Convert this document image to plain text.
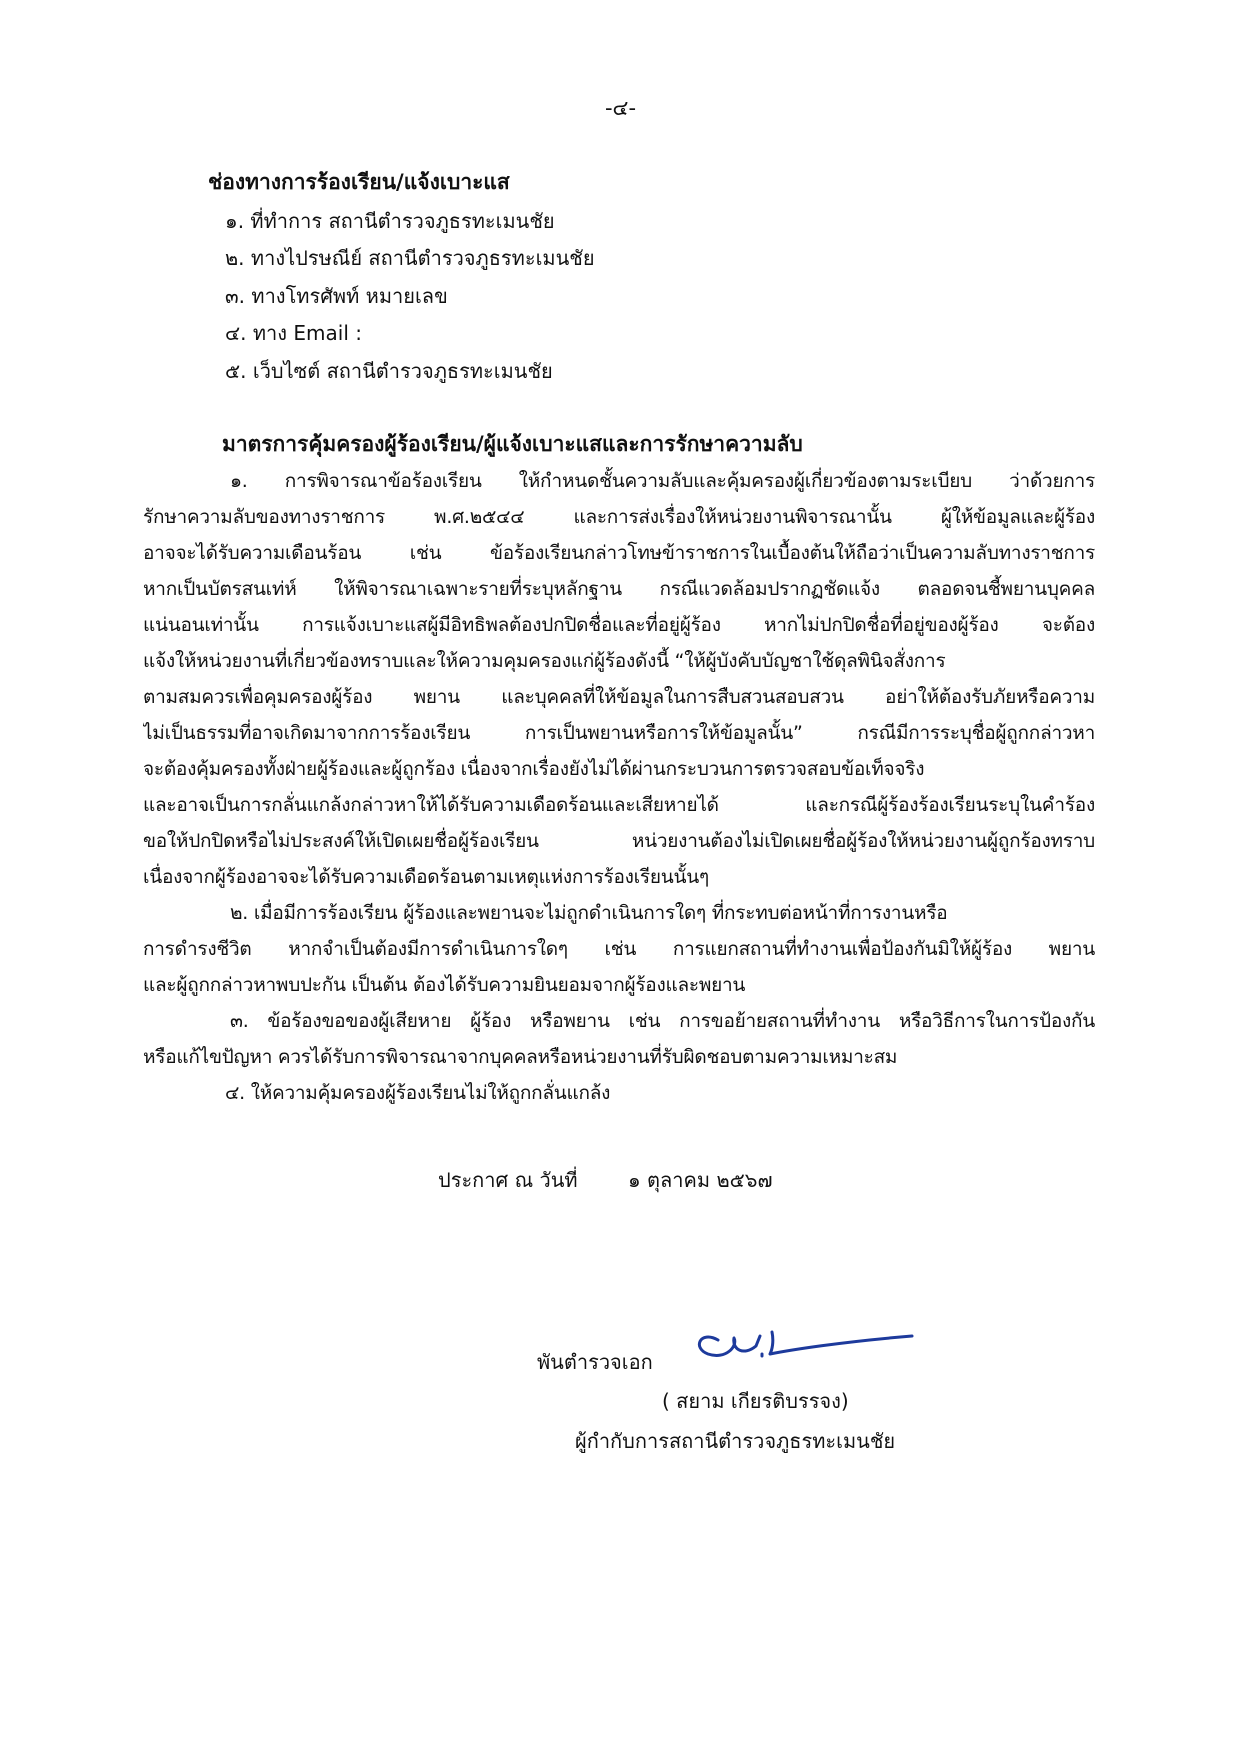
-๔-
ช่องทางการร้องเรียน/แจ้งเบาะแส
๑. ที่ทำการ สถานีตำรวจภูธรทะเมนชัย
๒. ทางไปรษณีย์ สถานีตำรวจภูธรทะเมนชัย
๓. ทางโทรศัพท์ หมายเลข
๔. ทาง Email :
๕. เว็บไซต์ สถานีตำรวจภูธรทะเมนชัย
มาตรการคุ้มครองผู้ร้องเรียน/ผู้แจ้งเบาะแสและการรักษาความลับ
๑. การพิจารณาข้อร้องเรียน ให้กำหนดชั้นความลับและคุ้มครองผู้เกี่ยวข้องตามระเบียบ ว่าด้วยการ
รักษาความลับของทางราชการ พ.ศ.๒๕๔๔ และการส่งเรื่องให้หน่วยงานพิจารณานั้น ผู้ให้ข้อมูลและผู้ร้อง
อาจจะได้รับความเดือนร้อน เช่น ข้อร้องเรียนกล่าวโทษข้าราชการในเบื้องต้นให้ถือว่าเป็นความลับทางราชการ
หากเป็นบัตรสนเท่ห์ ให้พิจารณาเฉพาะรายที่ระบุหลักฐาน กรณีแวดล้อมปรากฏชัดแจ้ง ตลอดจนชี้พยานบุคคล
แน่นอนเท่านั้น การแจ้งเบาะแสผู้มีอิทธิพลต้องปกปิดชื่อและที่อยู่ผู้ร้อง หากไม่ปกปิดชื่อที่อยู่ของผู้ร้อง จะต้อง
แจ้งให้หน่วยงานที่เกี่ยวข้องทราบและให้ความคุมครองแก่ผู้ร้องดังนี้ “ให้ผู้บังคับบัญชาใช้ดุลพินิจสั่งการ
ตามสมควรเพื่อคุมครองผู้ร้อง พยาน และบุคคลที่ให้ข้อมูลในการสืบสวนสอบสวน อย่าให้ต้องรับภัยหรือความ
ไม่เป็นธรรมที่อาจเกิดมาจากการร้องเรียน การเป็นพยานหรือการให้ข้อมูลนั้น” กรณีมีการระบุชื่อผู้ถูกกล่าวหา
จะต้องคุ้มครองทั้งฝ่ายผู้ร้องและผู้ถูกร้อง เนื่องจากเรื่องยังไม่ได้ผ่านกระบวนการตรวจสอบข้อเท็จจริง
และอาจเป็นการกลั่นแกล้งกล่าวหาให้ได้รับความเดือดร้อนและเสียหายได้ และกรณีผู้ร้องร้องเรียนระบุในคำร้อง
ขอให้ปกปิดหรือไม่ประสงค์ให้เปิดเผยชื่อผู้ร้องเรียน หน่วยงานต้องไม่เปิดเผยชื่อผู้ร้องให้หน่วยงานผู้ถูกร้องทราบ
เนื่องจากผู้ร้องอาจจะได้รับความเดือดร้อนตามเหตุแห่งการร้องเรียนนั้นๆ
๒. เมื่อมีการร้องเรียน ผู้ร้องและพยานจะไม่ถูกดำเนินการใดๆ ที่กระทบต่อหน้าที่การงานหรือ
การดำรงชีวิต หากจำเป็นต้องมีการดำเนินการใดๆ เช่น การแยกสถานที่ทำงานเพื่อป้องกันมิให้ผู้ร้อง พยาน
และผู้ถูกกล่าวหาพบปะกัน เป็นต้น ต้องได้รับความยินยอมจากผู้ร้องและพยาน
๓. ข้อร้องขอของผู้เสียหาย ผู้ร้อง หรือพยาน เช่น การขอย้ายสถานที่ทำงาน หรือวิธีการในการป้องกัน
หรือแก้ไขปัญหา ควรได้รับการพิจารณาจากบุคคลหรือหน่วยงานที่รับผิดชอบตามความเหมาะสม
๔. ให้ความคุ้มครองผู้ร้องเรียนไม่ให้ถูกกลั่นแกล้ง
ประกาศ ณ วันที่	๑ ตุลาคม ๒๕๖๗
พันตำรวจเอก
( สยาม เกียรติบรรจง)
ผู้กำกับการสถานีตำรวจภูธรทะเมนชัย
